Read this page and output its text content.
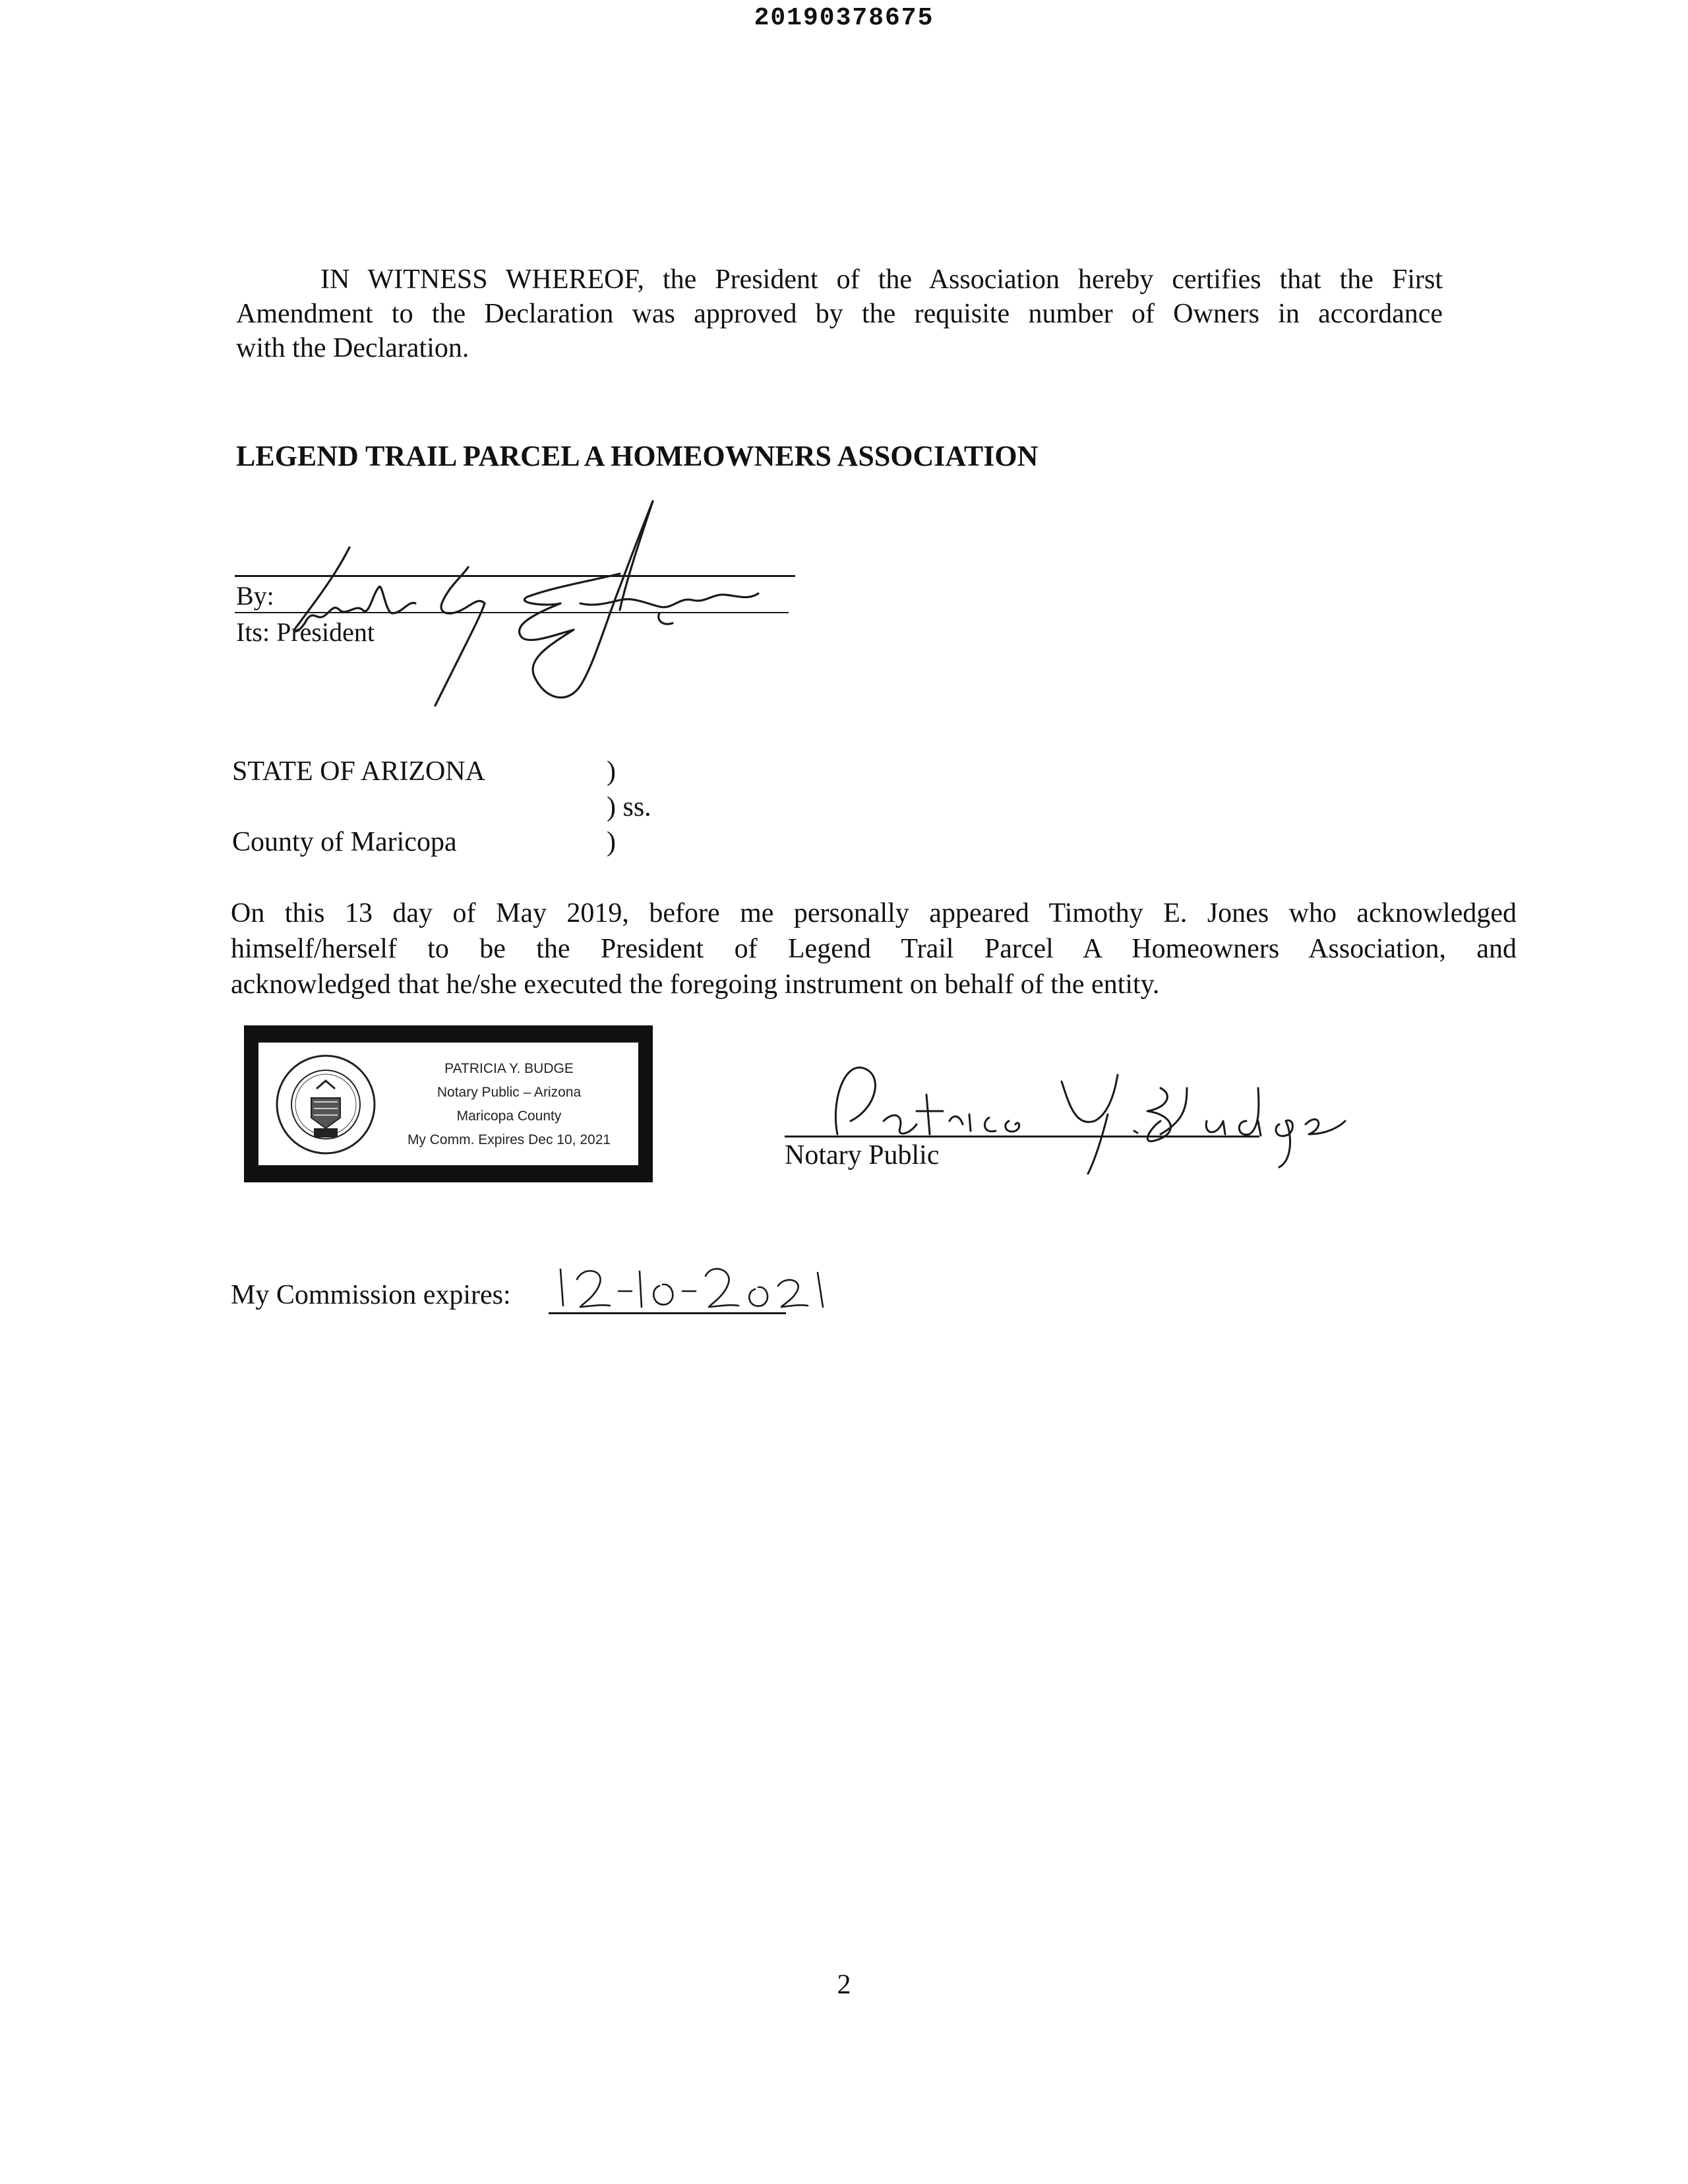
20190378675
IN WITNESS WHEREOF, the President of the Association hereby certifies that the First
Amendment to the Declaration was approved by the requisite number of Owners in accordance
with the Declaration.
LEGEND TRAIL PARCEL A HOMEOWNERS ASSOCIATION
By:
Its: President
STATE OF ARIZONA	)
) ss.
)
County of Maricopa
On this 13 day of May 2019, before me personally appeared Timothy E. Jones who acknowledged
himself/herself to be the President of Legend Trail Parcel A Homeowners Association, and
acknowledged that he/she executed the foregoing instrument on behalf of the entity.
PATRICIA Y. BUDGE
Notary Public – Arizona
Maricopa County
My Comm. Expires Dec 10, 2021
Notary Public
My Commission expires:
2
